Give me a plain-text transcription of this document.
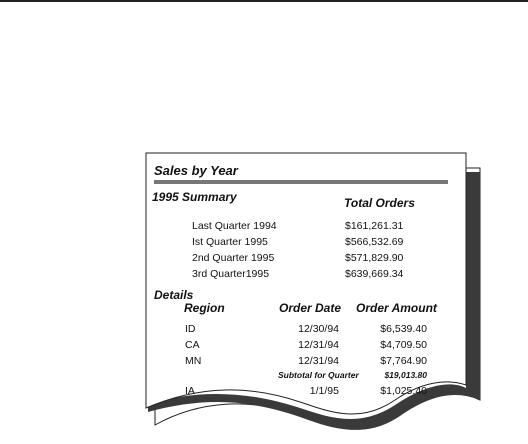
Sales by Year
1995 Summary	Total Orders
Last Quarter 1994	$161,261.31
Ist Quarter 1995	$566,532.69
2nd Quarter 1995	$571,829.90
3rd Quarter1995	$639,669.34
Details
Region	Order Date Order Amount
ID	12/30/94	$6,539.40
CA	12/31/94	$4,709.50
MN	12/31/94	$7,764.90
Subtotal for Quarter	$19,013.80
IA	1/1/95	$1,025.40
